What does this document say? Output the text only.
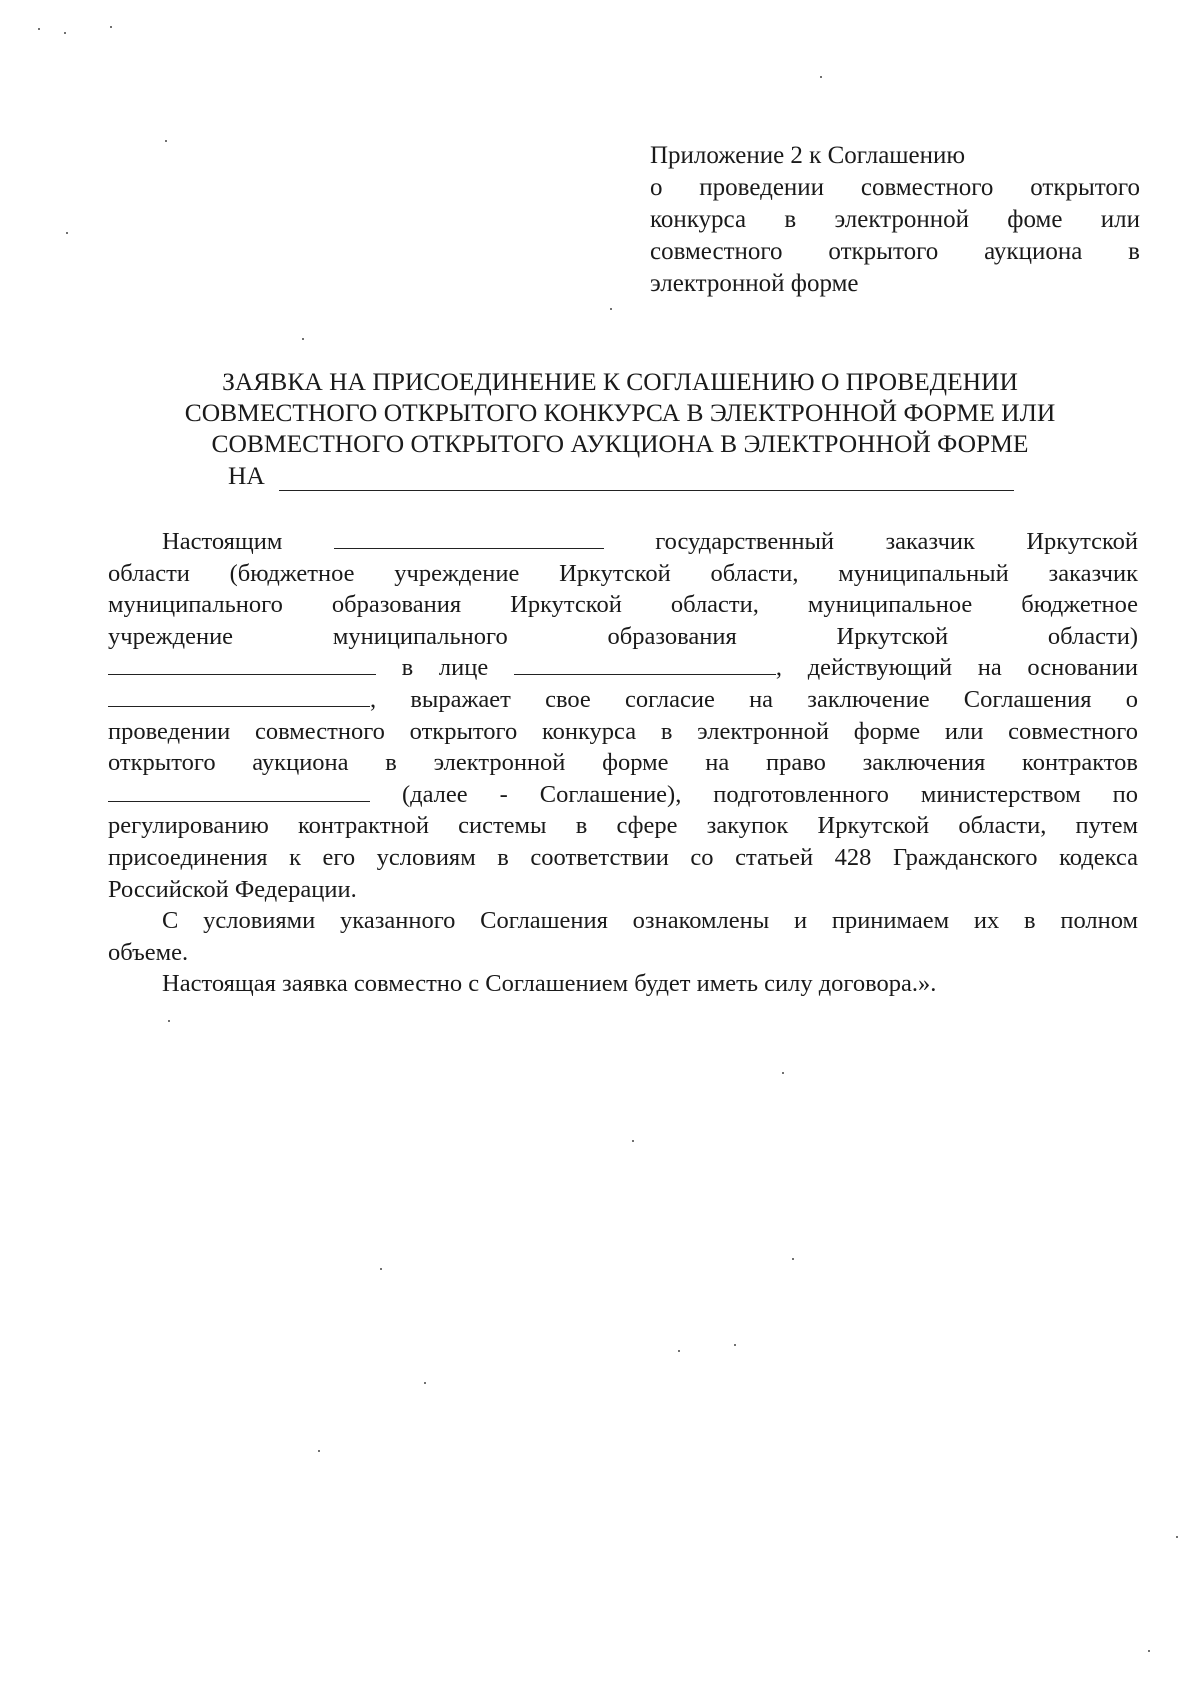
Приложение 2 к Соглашению
о проведении совместного открытого конкурса в электронной фоме или совместного открытого аукциона в электронной форме
ЗАЯВКА НА ПРИСОЕДИНЕНИЕ К СОГЛАШЕНИЮ О ПРОВЕДЕНИИ
СОВМЕСТНОГО ОТКРЫТОГО КОНКУРСА В ЭЛЕКТРОННОЙ ФОРМЕ ИЛИ
СОВМЕСТНОГО ОТКРЫТОГО АУКЦИОНА В ЭЛЕКТРОННОЙ ФОРМЕ
НА
Настоящим	государственный заказчик Иркутской
области (бюджетное учреждение Иркутской области, муниципальный заказчик
муниципального образования Иркутской области, муниципальное бюджетное
учреждение муниципального образования Иркутской области)
в лице	, действующий на основании
, выражает свое согласие на заключение Соглашения о
проведении совместного открытого конкурса в электронной форме или совместного
открытого аукциона в электронной форме на право заключения контрактов
(далее - Соглашение), подготовленного министерством по
регулированию контрактной системы в сфере закупок Иркутской области, путем
присоединения к его условиям в соответствии со статьей 428 Гражданского кодекса
Российской Федерации.
С условиями указанного Соглашения ознакомлены и принимаем их в полном
объеме.
Настоящая заявка совместно с Соглашением будет иметь силу договора.».
